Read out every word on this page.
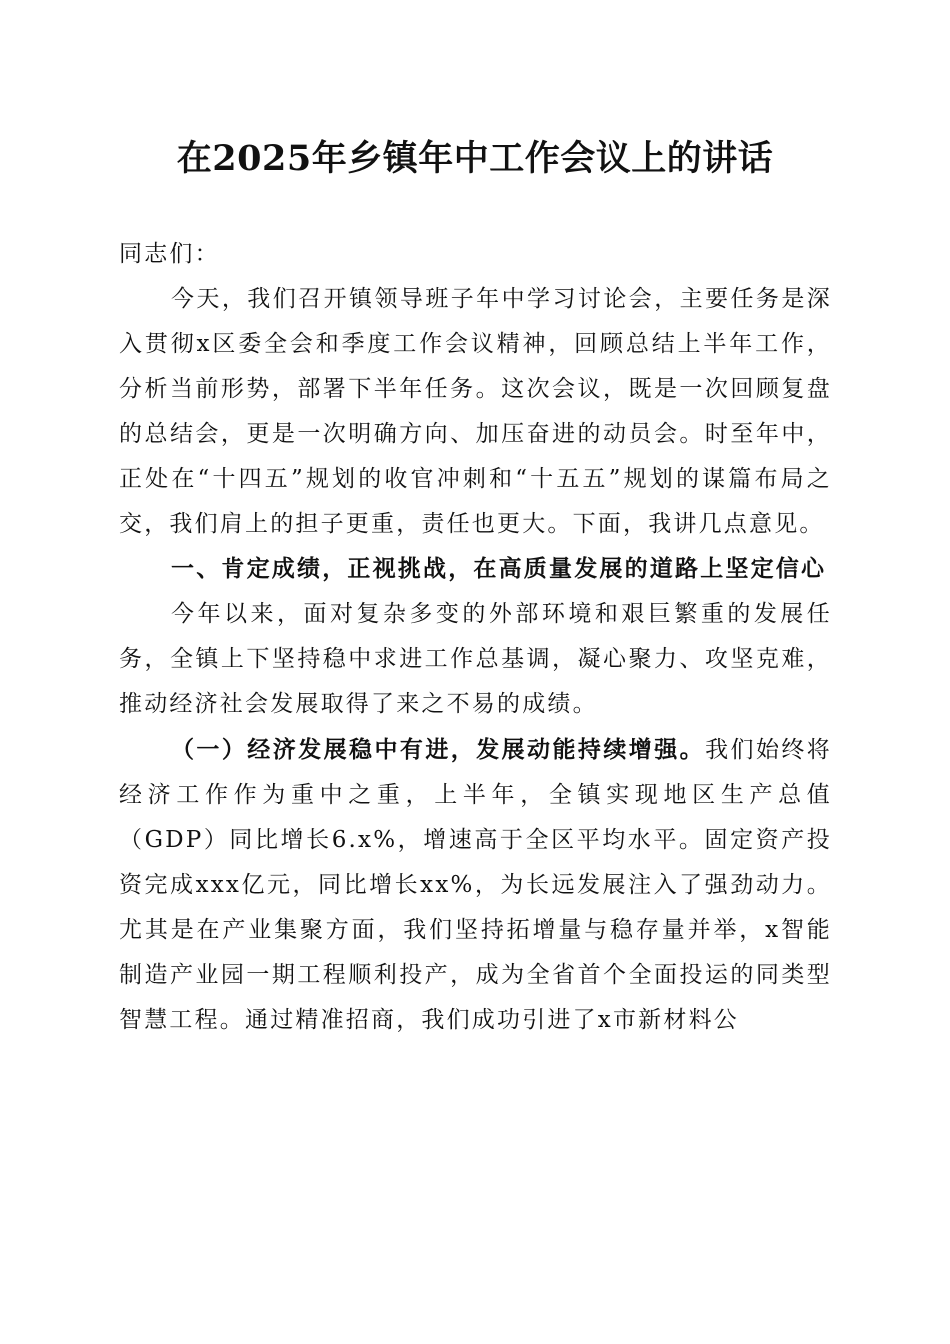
在2025年乡镇年中工作会议上的讲话

同志们：

今天，我们召开镇领导班子年中学习讨论会，主要任务是深入贯彻x区委全会和季度工作会议精神，回顾总结上半年工作，分析当前形势，部署下半年任务。这次会议，既是一次回顾复盘的总结会，更是一次明确方向、加压奋进的动员会。时至年中，正处在“十四五”规划的收官冲刺和“十五五”规划的谋篇布局之交，我们肩上的担子更重，责任也更大。下面，我讲几点意见。

一、肯定成绩，正视挑战，在高质量发展的道路上坚定信心

今年以来，面对复杂多变的外部环境和艰巨繁重的发展任务，全镇上下坚持稳中求进工作总基调，凝心聚力、攻坚克难，推动经济社会发展取得了来之不易的成绩。

（一）经济发展稳中有进，发展动能持续增强。我们始终将经济工作作为重中之重，上半年，全镇实现地区生产总值（GDP）同比增长6.x%，增速高于全区平均水平。固定资产投资完成xxx亿元，同比增长xx%，为长远发展注入了强劲动力。尤其是在产业集聚方面，我们坚持拓增量与稳存量并举，x智能制造产业园一期工程顺利投产，成为全省首个全面投运的同类型智慧工程。通过精准招商，我们成功引进了x市新材料公
